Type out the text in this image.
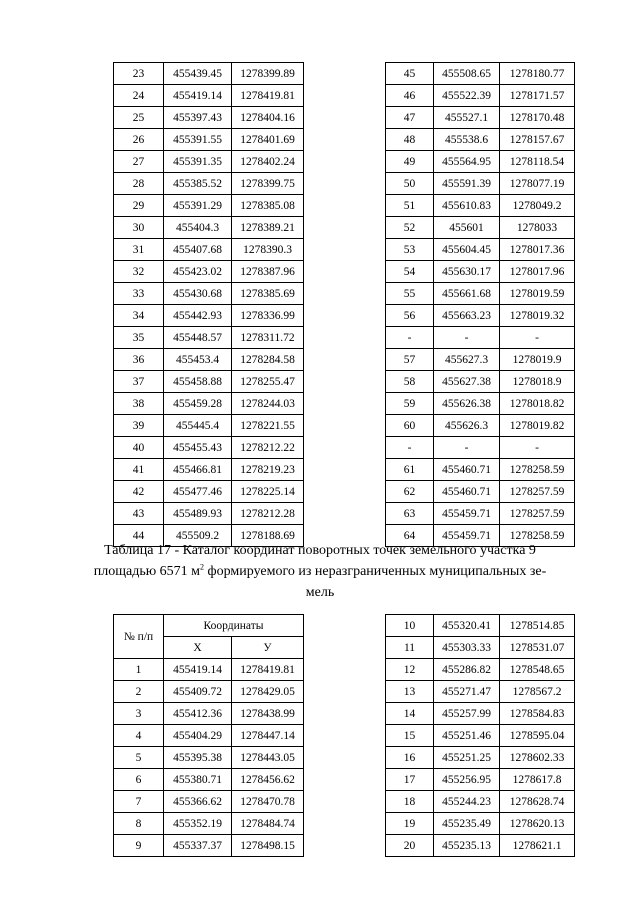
23	455439.45	1278399.89
24	455419.14	1278419.81
25	455397.43	1278404.16
26	455391.55	1278401.69
27	455391.35	1278402.24
28	455385.52	1278399.75
29	455391.29	1278385.08
30	455404.3	1278389.21
31	455407.68	1278390.3
32	455423.02	1278387.96
33	455430.68	1278385.69
34	455442.93	1278336.99
35	455448.57	1278311.72
36	455453.4	1278284.58
37	455458.88	1278255.47
38	455459.28	1278244.03
39	455445.4	1278221.55
40	455455.43	1278212.22
41	455466.81	1278219.23
42	455477.46	1278225.14
43	455489.93	1278212.28
44	455509.2	1278188.69
45	455508.65	1278180.77
46	455522.39	1278171.57
47	455527.1	1278170.48
48	455538.6	1278157.67
49	455564.95	1278118.54
50	455591.39	1278077.19
51	455610.83	1278049.2
52	455601	1278033
53	455604.45	1278017.36
54	455630.17	1278017.96
55	455661.68	1278019.59
56	455663.23	1278019.32
-	-	-
57	455627.3	1278019.9
58	455627.38	1278018.9
59	455626.38	1278018.82
60	455626.3	1278019.82
-	-	-
61	455460.71	1278258.59
62	455460.71	1278257.59
63	455459.71	1278257.59
64	455459.71	1278258.59
Таблица 17 - Каталог координат поворотных точек земельного участка 9
площадью 6571 $м^2$ формируемого из неразграниченных муниципальных зе-
мель
№ п/п	Координаты	
	Х	У
1	455419.14	1278419.81
2	455409.72	1278429.05
3	455412.36	1278438.99
4	455404.29	1278447.14
5	455395.38	1278443.05
6	455380.71	1278456.62
7	455366.62	1278470.78
8	455352.19	1278484.74
9	455337.37	1278498.15
10	455320.41	1278514.85
11	455303.33	1278531.07
12	455286.82	1278548.65
13	455271.47	1278567.2
14	455257.99	1278584.83
15	455251.46	1278595.04
16	455251.25	1278602.33
17	455256.95	1278617.8
18	455244.23	1278628.74
19	455235.49	1278620.13
20	455235.13	1278621.1
